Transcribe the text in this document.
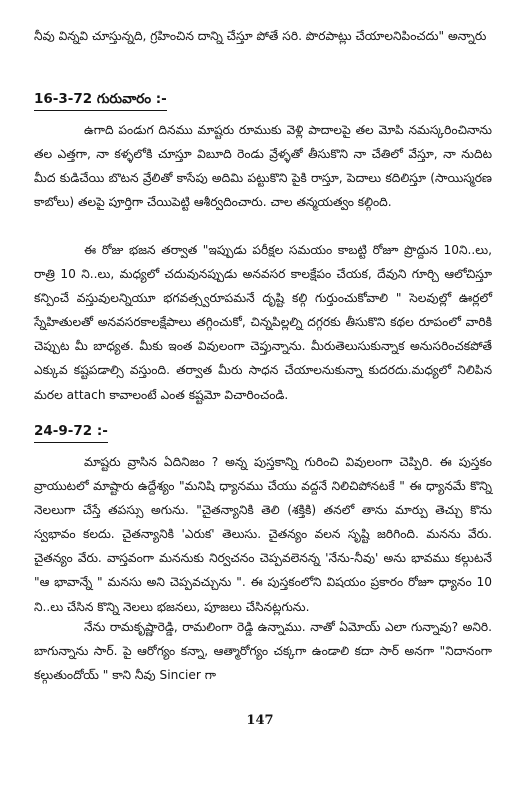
నీవు విన్నవి చూస్తున్నది, గ్రహించిన దాన్ని చేస్తూ పోతే సరి. పొరపాట్లు చేయాలనిపించదు" అన్నారు

16-3-72 గురువారం :-

ఉగాది పండుగ దినము మాష్టరు రూముకు వెళ్లి పాదాలపై తల మోపి నమస్కరించినాను తల ఎత్తగా, నా కళ్ళలోకి చూస్తూ విబూది రెండు వ్రేళ్ళతో తీసుకొని నా చేతిలో వేస్తూ, నా నుదిట మీద కుడిచేయి బొటన వ్రేలితో కాసేపు అదిమి పట్టుకొని పైకి రాస్తూ, పెదాలు కదిలిస్తూ (సాయిస్మరణ కాబోలు) తలపై పూర్తిగా చేయిపెట్టి ఆశీర్వదించారు. చాల తన్మయత్వం కల్గింది.

ఈ రోజు భజన తర్వాత "ఇప్పుడు పరీక్షల సమయం కాబట్టి రోజూ ప్రొద్దున 10ని..లు, రాత్రి 10 ని..లు, మధ్యలో చదువునప్పుడు అనవసర కాలక్షేపం చేయక, దేవుని గూర్చి ఆలోచిస్తూ కన్పించే వస్తువులన్నియూ భగవత్స్వరూపమనే దృష్టి కల్గి గుర్తుంచుకోవాలి " సెలవుల్లో ఊర్లలో స్నేహితులతో అనవసరకాలక్షేపాలు తగ్గించుకో, చిన్నపిల్లల్ని దగ్గరకు తీసుకొని కథల రూపంలో వారికి చెప్పుట మీ బాధ్యత. మీకు ఇంత వివులంగా చెప్తున్నాను. మీరుతెలుసుకున్నాక అనుసరించకపోతే ఎక్కువ కష్టపడాల్సి వస్తుంది. తర్వాత మీరు సాధన చేయాలనుకున్నా కుదరదు.మధ్యలో నిలిపిన మరల attach కావాలంటే ఎంత కష్టమో విచారించండి.

24-9-72 :-

మాష్టరు వ్రాసిన ఏదినిజం ? అన్న పుస్తకాన్ని గురించి వివులంగా చెప్పిరి. ఈ పుస్తకం వ్రాయుటలో మాష్టారు ఉద్దేశ్యం "మనిషి ధ్యానము చేయు వద్దనే నిలిచిపోనటకే " ఈ ధ్యానమే కొన్ని నెలలుగా చేస్తే తపస్సు అగును. "చైతన్యానికి తెలి (శక్తికి) తనలో తాను మార్పు తెచ్చు కొను స్వభావం కలదు. చైతన్యానికి 'ఎరుక' తెలుసు. చైతన్యం వలన సృష్టి జరిగింది. మనను వేరు. చైతన్యం వేరు. వాస్తవంగా మననుకు నిర్వచనం చెప్పవలెనన్న 'నేను-నీవు' అను భావము కల్గుటనే "ఆ భావాన్నే " మనసు అని చెప్పవచ్చును ". ఈ పుస్తకంలోని విషయం ప్రకారం రోజూ ధ్యానం 10 ని..లు చేసిన కొన్ని నెలలు భజనలు, పూజలు చేసినట్లగును.

నేను రామకృష్ణారెడ్డి, రామలింగా రెడ్డి ఉన్నాము. నాతో ఏమోయ్ ఎలా గున్నావు? అనిరి. బాగున్నాను సార్. పై ఆరోగ్యం కన్నా, ఆత్మారోగ్యం చక్కగా ఉండాలి కదా సార్ అనగా "నిదానంగా కల్గుతుందోయ్ " కాని నీవు Sincier గా

147
